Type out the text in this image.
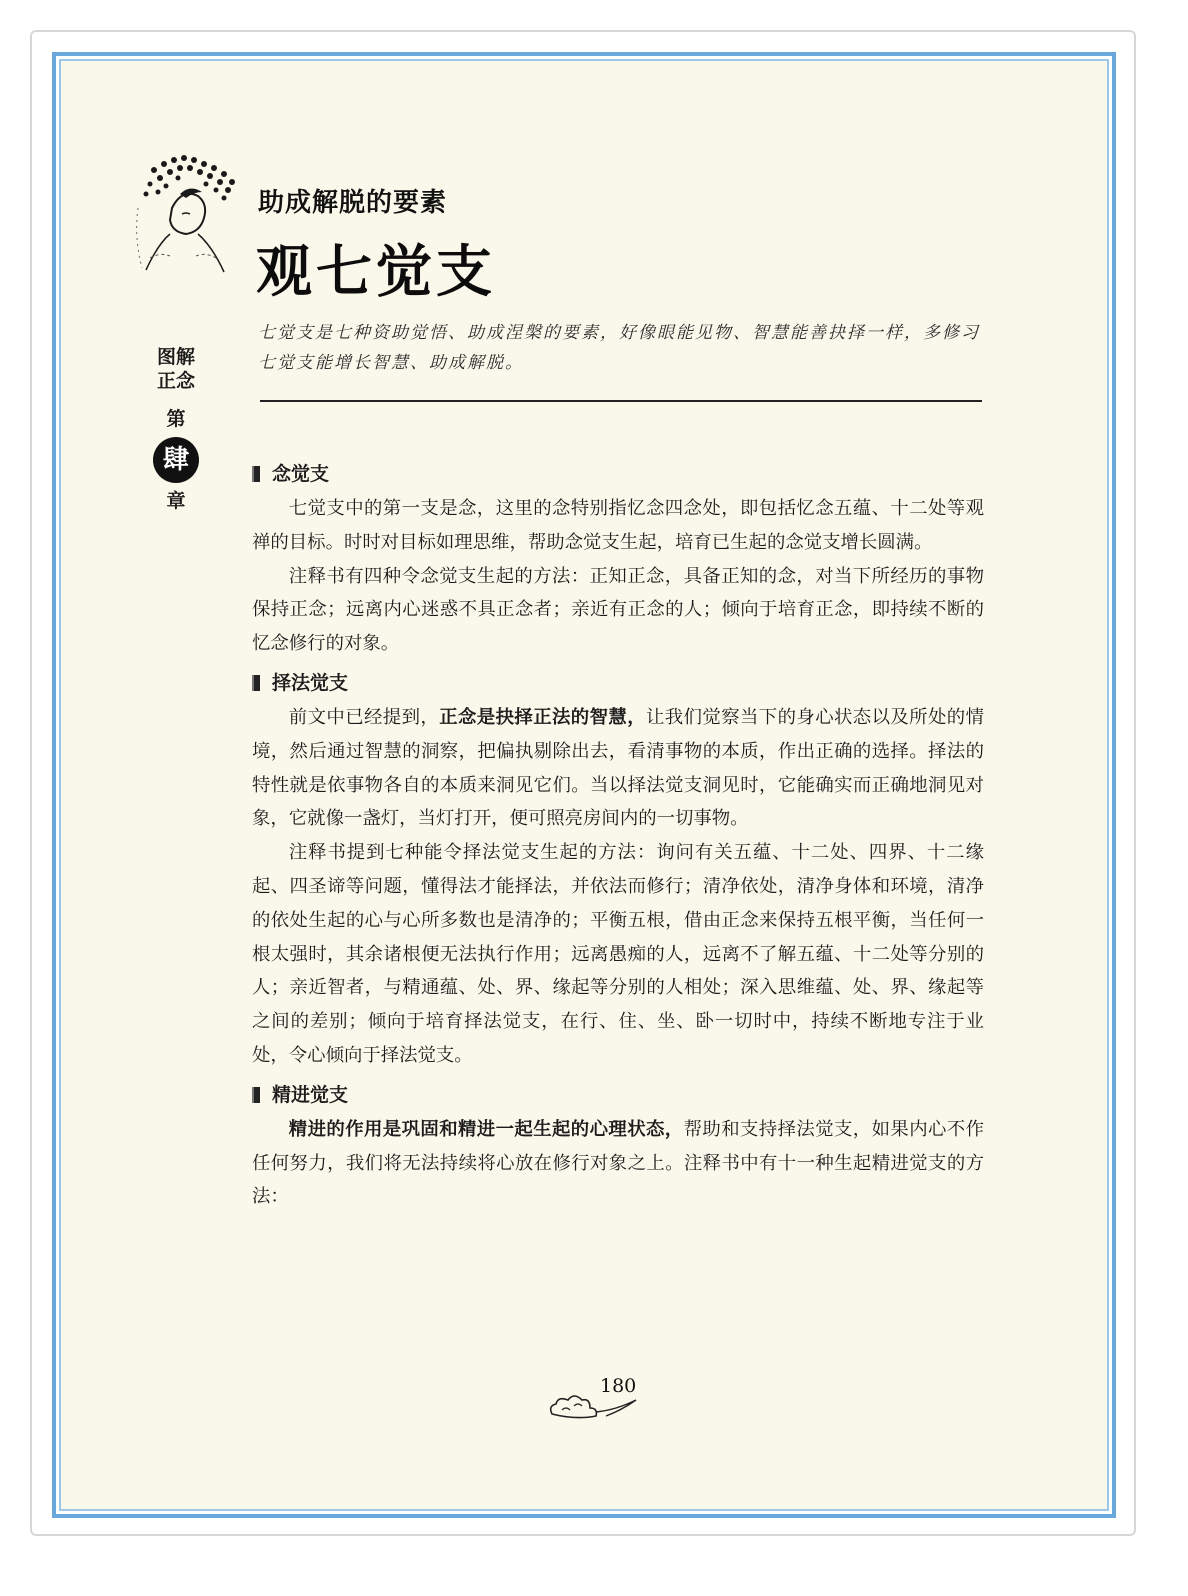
助成解脱的要素
观七觉支
七觉支是七种资助觉悟、助成涅槃的要素，好像眼能见物、智慧能善抉择一样，多修习七觉支能增长智慧、助成解脱。
图解正念
第
肆
章
念觉支

七觉支中的第一支是念，这里的念特别指忆念四念处，即包括忆念五蕴、十二处等观禅的目标。时时对目标如理思维，帮助念觉支生起，培育已生起的念觉支增长圆满。

注释书有四种令念觉支生起的方法：正知正念，具备正知的念，对当下所经历的事物保持正念；远离内心迷惑不具正念者；亲近有正念的人；倾向于培育正念，即持续不断的忆念修行的对象。

择法觉支

前文中已经提到，正念是抉择正法的智慧，让我们觉察当下的身心状态以及所处的情境，然后通过智慧的洞察，把偏执剔除出去，看清事物的本质，作出正确的选择。择法的特性就是依事物各自的本质来洞见它们。当以择法觉支洞见时，它能确实而正确地洞见对象，它就像一盏灯，当灯打开，便可照亮房间内的一切事物。

注释书提到七种能令择法觉支生起的方法：询问有关五蕴、十二处、四界、十二缘起、四圣谛等问题，懂得法才能择法，并依法而修行；清净依处，清净身体和环境，清净的依处生起的心与心所多数也是清净的；平衡五根，借由正念来保持五根平衡，当任何一根太强时，其余诸根便无法执行作用；远离愚痴的人，远离不了解五蕴、十二处等分别的人；亲近智者，与精通蕴、处、界、缘起等分别的人相处；深入思维蕴、处、界、缘起等之间的差别；倾向于培育择法觉支，在行、住、坐、卧一切时中，持续不断地专注于业处，令心倾向于择法觉支。

精进觉支

精进的作用是巩固和精进一起生起的心理状态，帮助和支持择法觉支，如果内心不作任何努力，我们将无法持续将心放在修行对象之上。注释书中有十一种生起精进觉支的方法：

180
